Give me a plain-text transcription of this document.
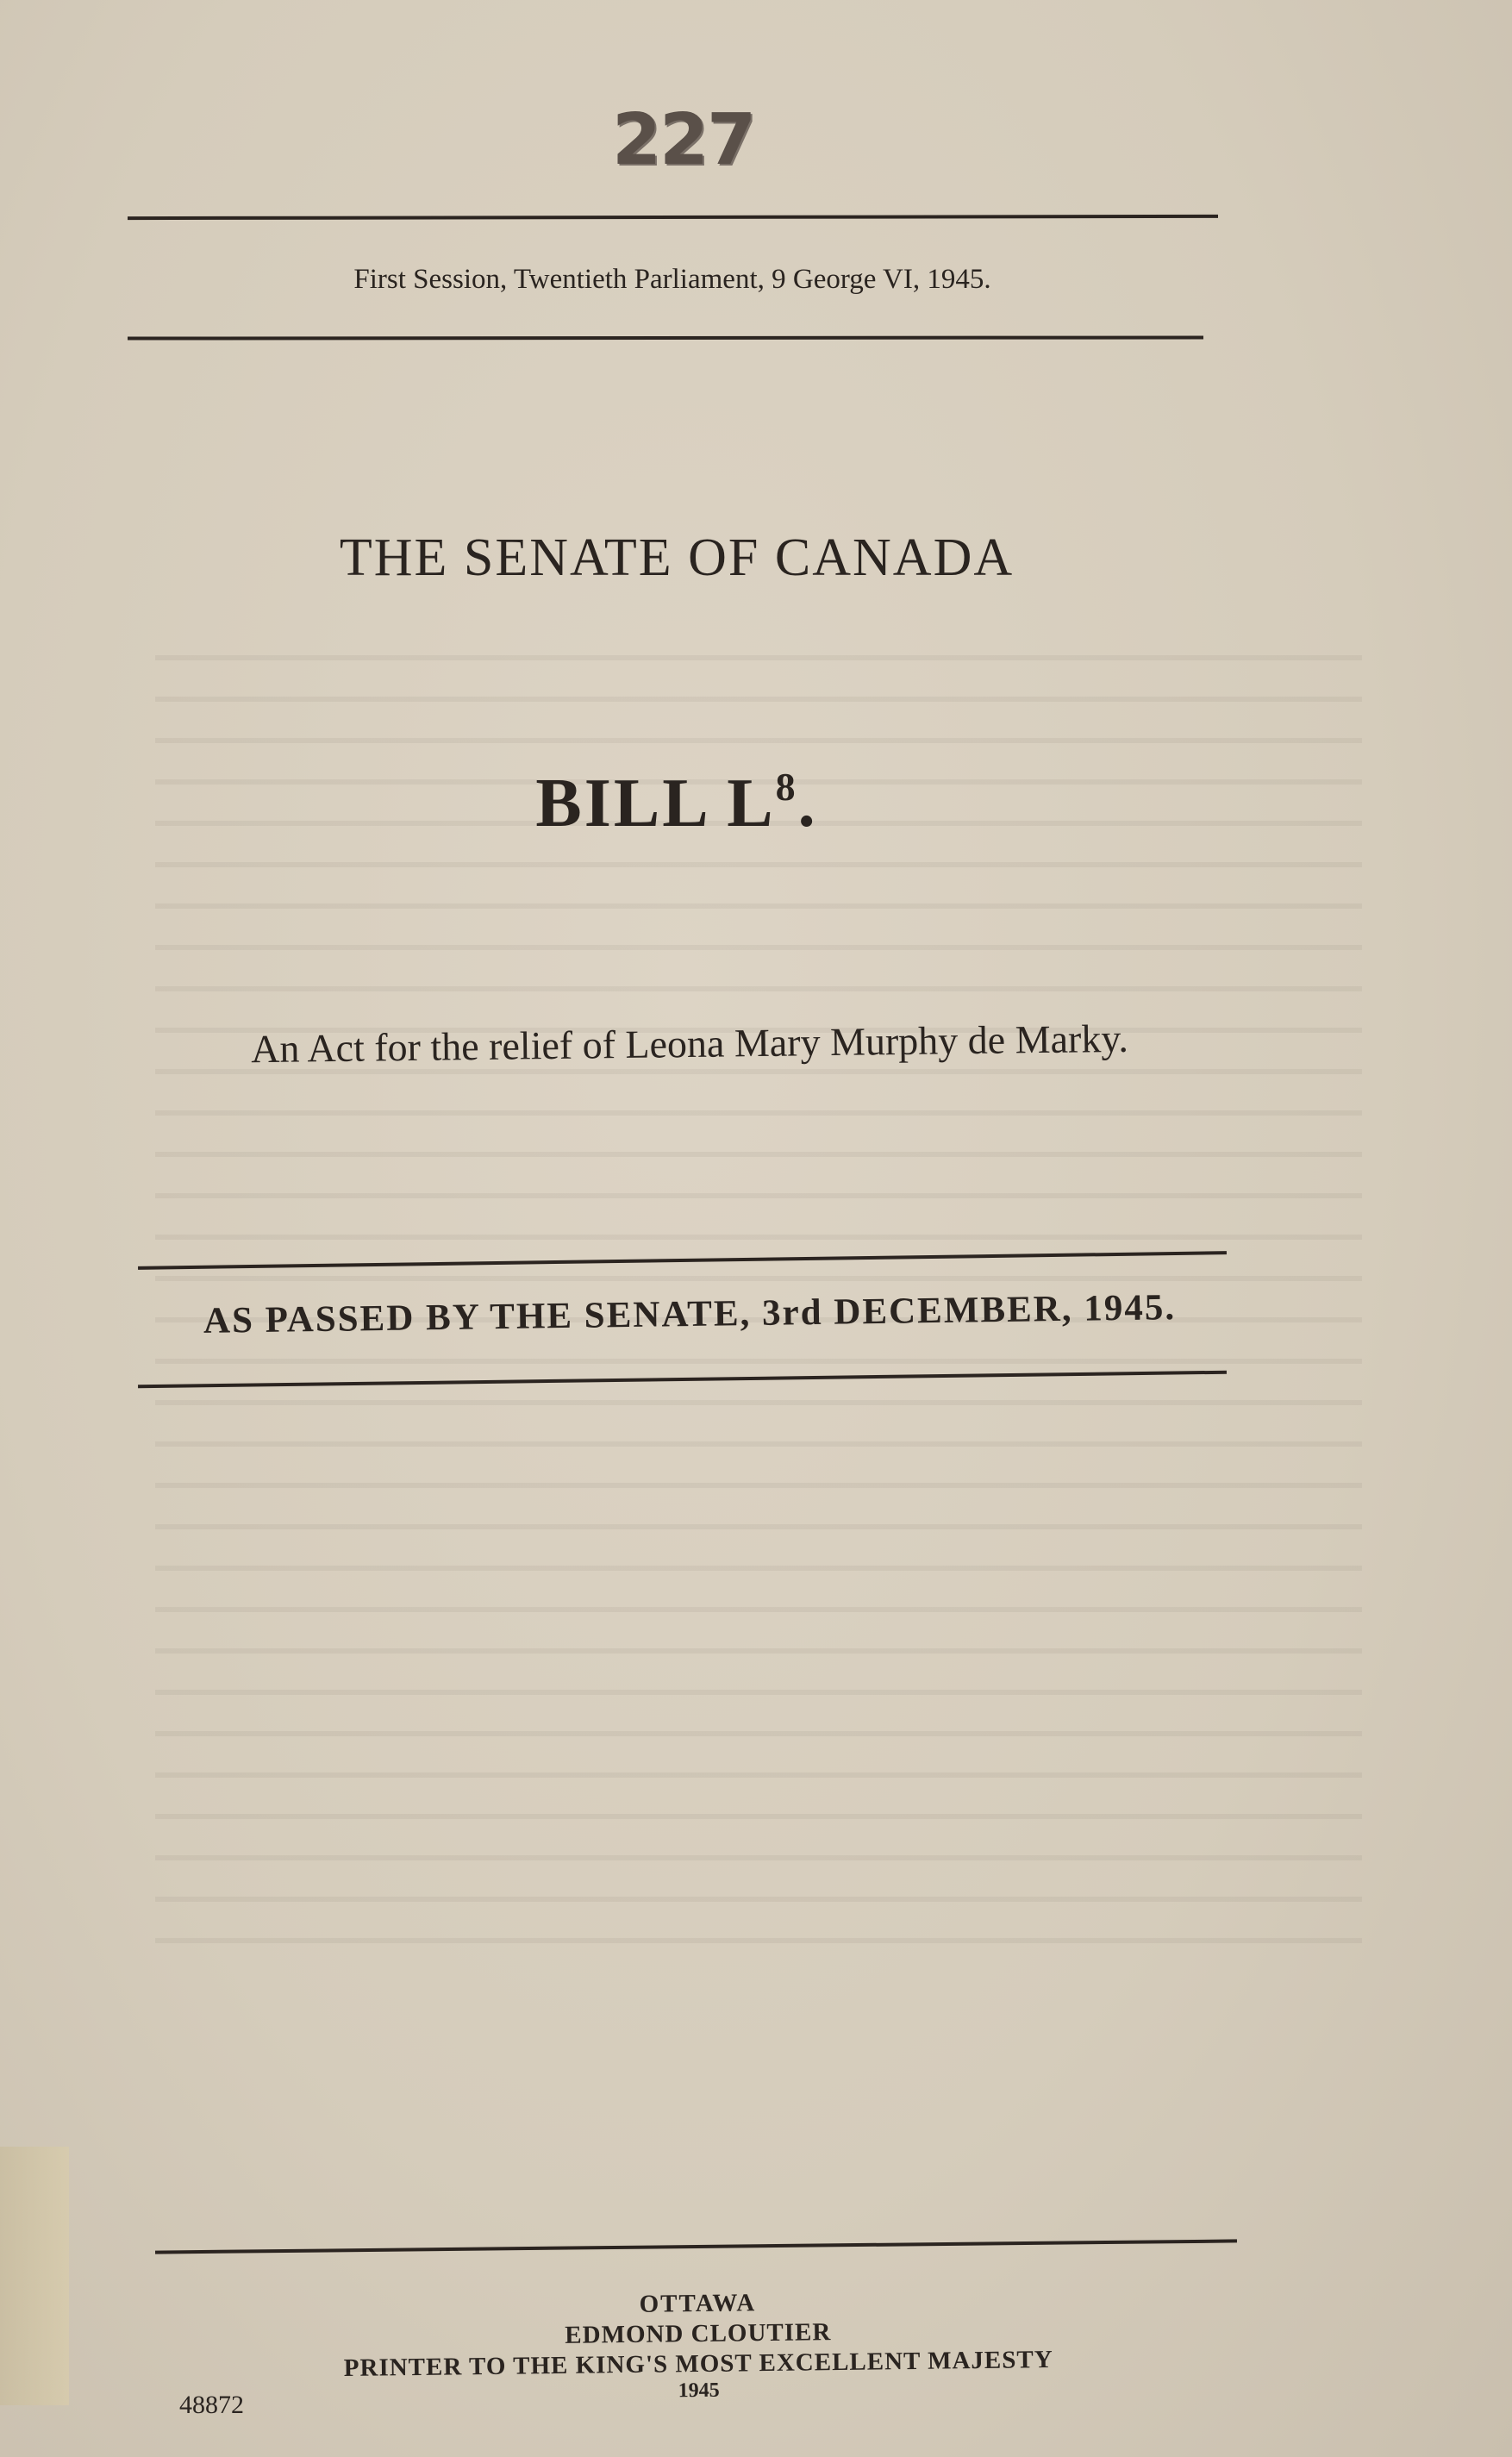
227
First Session, Twentieth Parliament, 9 George VI, 1945.
THE SENATE OF CANADA
BILL $L^8$.
An Act for the relief of Leona Mary Murphy de Marky.
AS PASSED BY THE SENATE, 3rd DECEMBER, 1945.
OTTAWA
EDMOND CLOUTIER
PRINTER TO THE KING'S MOST EXCELLENT MAJESTY
1945
48872
